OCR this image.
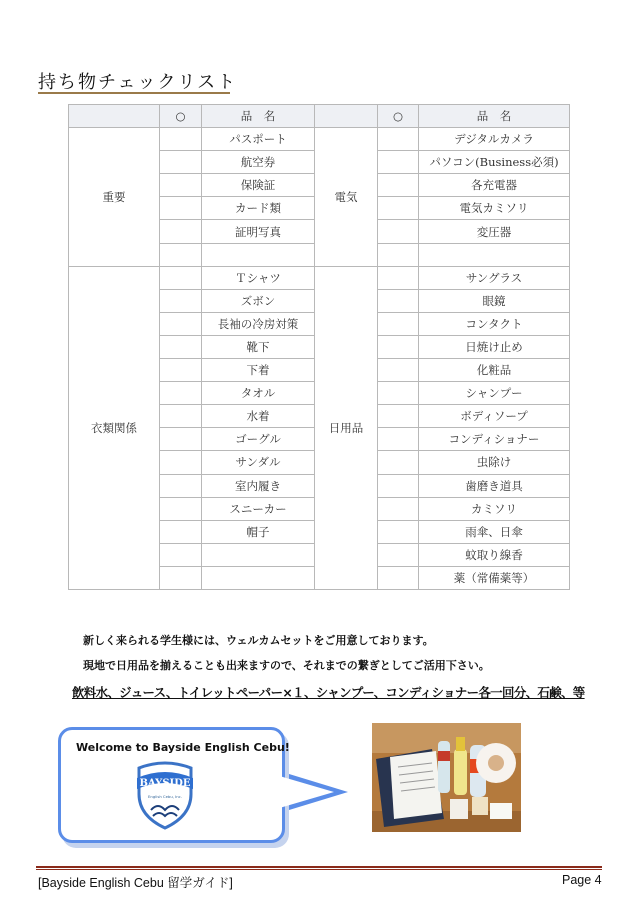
持ち物チェックリスト
	○	品　名		○	品　名
重要		パスポート	電気		デジタルカメラ
		航空券			パソコン(Business必須)
		保険証			各充電器
		カード類			電気カミソリ
		証明写真			変圧器

衣類関係		Ｔシャツ	日用品		サングラス
		ズボン			眼鏡
		長袖の冷房対策			コンタクト
		靴下			日焼け止め
		下着			化粧品
		タオル			シャンプー
		水着			ボディソープ
		ゴーグル			コンディショナー
		サンダル			虫除け
		室内履き			歯磨き道具
		スニーカー			カミソリ
		帽子			雨傘、日傘
					蚊取り線香
					薬（常備薬等）
新しく来られる学生様には、ウェルカムセットをご用意しております。
現地で日用品を揃えることも出来ますので、それまでの繋ぎとしてご活用下さい。
飲料水、ジュース、トイレットペーパー×１、シャンプー、コンディショナー各一回分、石鹸、等
Welcome to Bayside English Cebu!
BAYSIDE
English Cebu, Inc.
[Bayside English Cebu 留学ガイド]	Page 4
